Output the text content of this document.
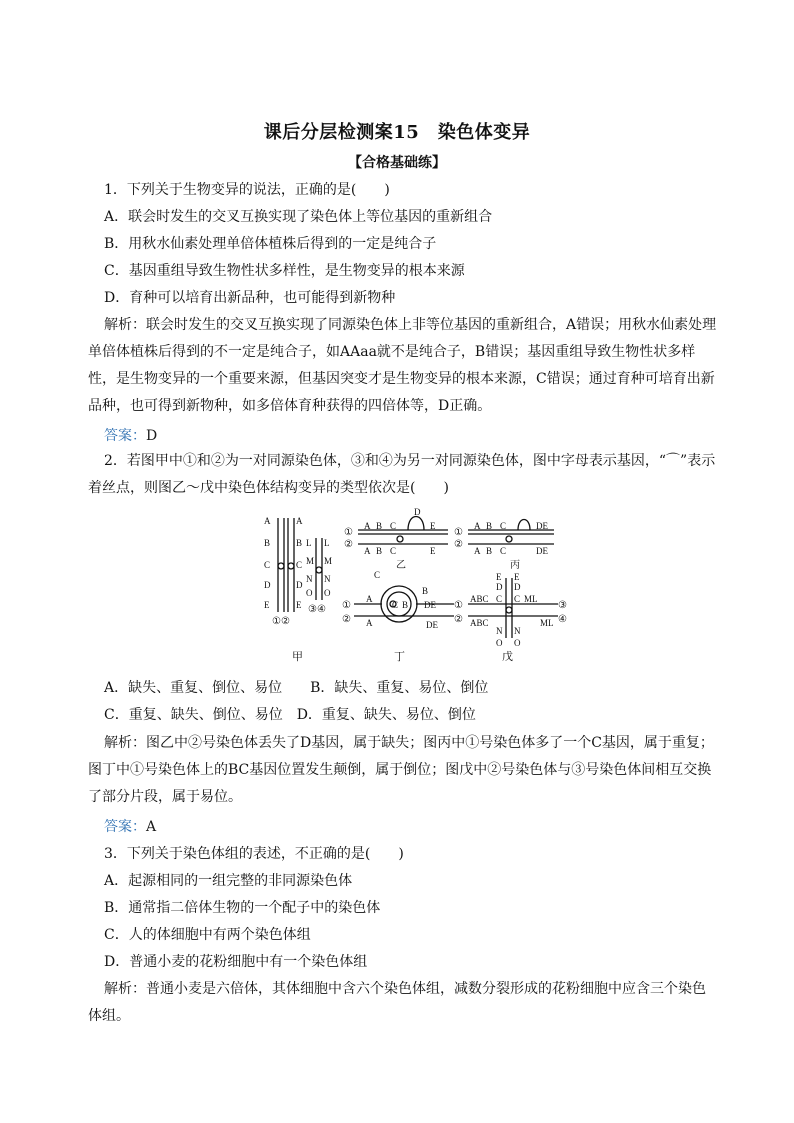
课后分层检测案15　染色体变异
【合格基础练】
1．下列关于生物变异的说法，正确的是(　　)
A．联会时发生的交叉互换实现了染色体上等位基因的重新组合
B．用秋水仙素处理单倍体植株后得到的一定是纯合子
C．基因重组导致生物性状多样性，是生物变异的根本来源
D．育种可以培育出新品种，也可能得到新物种
解析：联会时发生的交叉互换实现了同源染色体上非等位基因的重新组合，A错误；用秋水仙素处理单倍体植株后得到的不一定是纯合子，如AAaa就不是纯合子，B错误；基因重组导致生物性状多样性，是生物变异的一个重要来源，但基因突变才是生物变异的根本来源，C错误；通过育种可培育出新品种，也可得到新物种，如多倍体育种获得的四倍体等，D正确。
答案：D
2．若图甲中①和②为一对同源染色体，③和④为另一对同源染色体，图中字母表示基因，“⌒”表示着丝点，则图乙～戊中染色体结构变异的类型依次是(　　)
A
B
C
D
E
A
B
C
D
E
L
M
N
O
L
M
N
O
①②
③④
①
②
A B C
D
E
A B C	E
乙
①
②
A B C	DE
A B C	DE
丙
①
②
A
A
C
C B
B
DE
DE
①
②
ABC
ABC
E
D
C
E
D
C ML
ML
N
O
N
O
③
④
甲	丁	戊
A．缺失、重复、倒位、易位　　B．缺失、重复、易位、倒位
C．重复、缺失、倒位、易位　D．重复、缺失、易位、倒位
解析：图乙中②号染色体丢失了D基因，属于缺失；图丙中①号染色体多了一个C基因，属于重复；图丁中①号染色体上的BC基因位置发生颠倒，属于倒位；图戊中②号染色体与③号染色体间相互交换了部分片段，属于易位。
答案：A
3．下列关于染色体组的表述，不正确的是(　　)
A．起源相同的一组完整的非同源染色体
B．通常指二倍体生物的一个配子中的染色体
C．人的体细胞中有两个染色体组
D．普通小麦的花粉细胞中有一个染色体组
解析：普通小麦是六倍体，其体细胞中含六个染色体组，减数分裂形成的花粉细胞中应含三个染色体组。
